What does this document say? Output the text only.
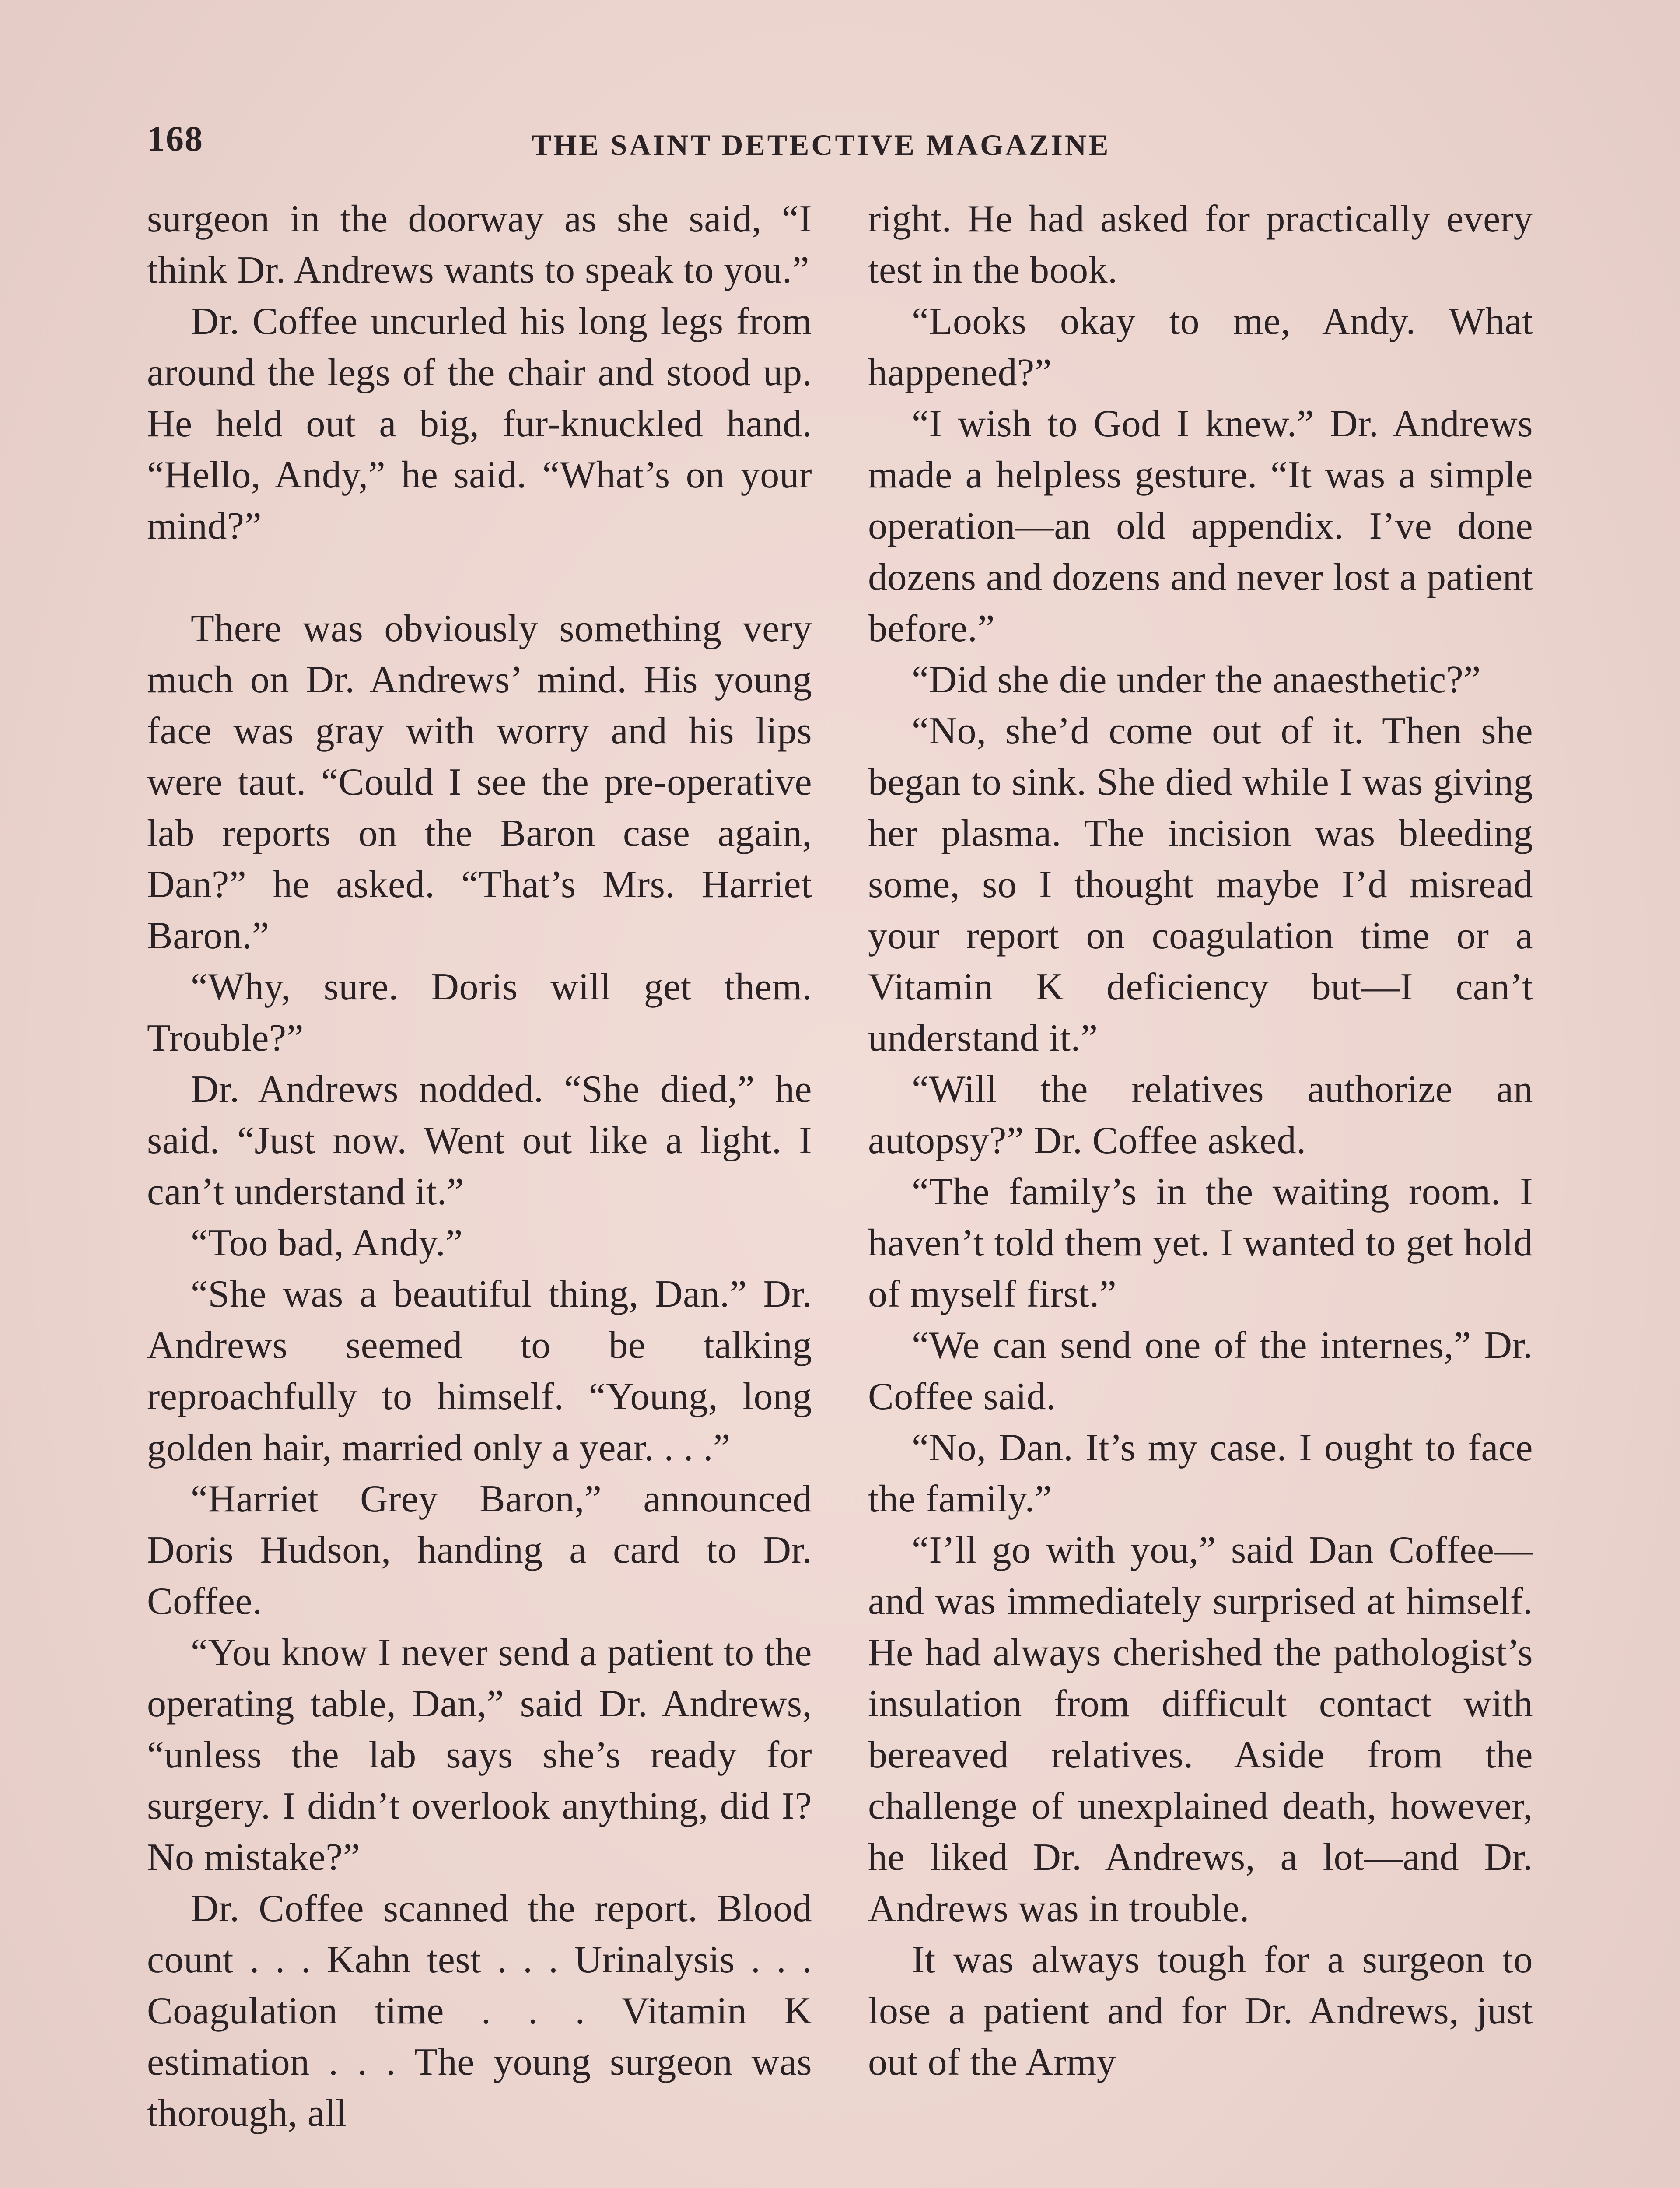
168	THE SAINT DETECTIVE MAGAZINE

surgeon in the doorway as she said, “I think Dr. Andrews wants to speak to you.”

Dr. Coffee uncurled his long legs from around the legs of the chair and stood up. He held out a big, fur-knuckled hand. “Hello, Andy,” he said. “What’s on your mind?”

There was obviously something very much on Dr. Andrews’ mind. His young face was gray with worry and his lips were taut. “Could I see the pre-operative lab reports on the Baron case again, Dan?” he asked. “That’s Mrs. Harriet Baron.”

“Why, sure. Doris will get them. Trouble?”

Dr. Andrews nodded. “She died,” he said. “Just now. Went out like a light. I can’t understand it.”

“Too bad, Andy.”

“She was a beautiful thing, Dan.” Dr. Andrews seemed to be talking reproachfully to himself. “Young, long golden hair, married only a year. . . .”

“Harriet Grey Baron,” announced Doris Hudson, handing a card to Dr. Coffee.

“You know I never send a patient to the operating table, Dan,” said Dr. Andrews, “unless the lab says she’s ready for surgery. I didn’t overlook anything, did I? No mistake?”

Dr. Coffee scanned the report. Blood count . . . Kahn test . . . Urinalysis . . . Coagulation time . . . Vitamin K estimation . . . The young surgeon was thorough, all

right. He had asked for practically every test in the book.

“Looks okay to me, Andy. What happened?”

“I wish to God I knew.” Dr. Andrews made a helpless gesture. “It was a simple operation—an old appendix. I’ve done dozens and dozens and never lost a patient before.”

“Did she die under the anaesthetic?”

“No, she’d come out of it. Then she began to sink. She died while I was giving her plasma. The incision was bleeding some, so I thought maybe I’d misread your report on coagulation time or a Vitamin K deficiency but—I can’t understand it.”

“Will the relatives authorize an autopsy?” Dr. Coffee asked.

“The family’s in the waiting room. I haven’t told them yet. I wanted to get hold of myself first.”

“We can send one of the internes,” Dr. Coffee said.

“No, Dan. It’s my case. I ought to face the family.”

“I’ll go with you,” said Dan Coffee—and was immediately surprised at himself. He had always cherished the pathologist’s insulation from difficult contact with bereaved relatives. Aside from the challenge of unexplained death, however, he liked Dr. Andrews, a lot—and Dr. Andrews was in trouble.

It was always tough for a surgeon to lose a patient and for Dr. Andrews, just out of the Army
